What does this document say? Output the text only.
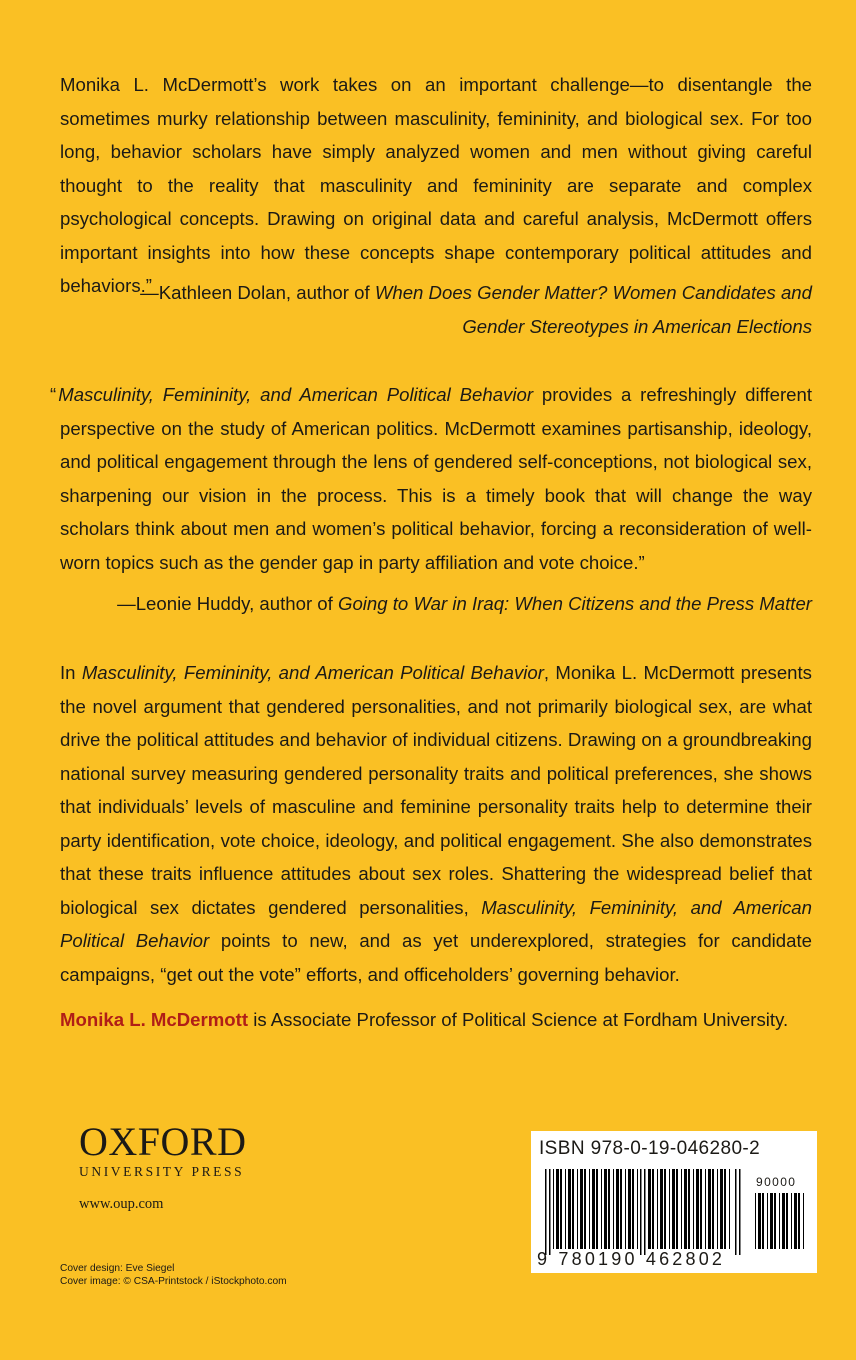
Monika L. McDermott’s work takes on an important challenge—to disentangle the sometimes murky relationship between masculinity, femininity, and biological sex. For too long, behavior scholars have simply analyzed women and men without giving careful thought to the reality that masculinity and femininity are separate and complex psychological concepts. Drawing on original data and careful analysis, McDermott offers important insights into how these concepts shape contemporary political attitudes and behaviors.”

—Kathleen Dolan, author of When Does Gender Matter? Women Candidates and
Gender Stereotypes in American Elections

“ Masculinity, Femininity, and American Political Behavior provides a refreshingly different perspective on the study of American politics. McDermott examines partisanship, ideology, and political engagement through the lens of gendered self-conceptions, not biological sex, sharpening our vision in the process. This is a timely book that will change the way scholars think about men and women’s political behavior, forcing a reconsideration of well-worn topics such as the gender gap in party affiliation and vote choice.”

—Leonie Huddy, author of Going to War in Iraq: When Citizens and the Press Matter

In Masculinity, Femininity, and American Political Behavior, Monika L. McDermott presents the novel argument that gendered personalities, and not primarily biological sex, are what drive the political attitudes and behavior of individual citizens. Drawing on a groundbreaking national survey measuring gendered personality traits and political preferences, she shows that individuals’ levels of masculine and feminine personality traits help to determine their party identification, vote choice, ideology, and political engagement. She also demonstrates that these traits influence attitudes about sex roles. Shattering the widespread belief that biological sex dictates gendered personalities, Masculinity, Femininity, and American Political Behavior points to new, and as yet underexplored, strategies for candidate campaigns, “get out the vote” efforts, and officeholders’ governing behavior.

Monika L. McDermott is Associate Professor of Political Science at Fordham University.

OXFORD
UNIVERSITY PRESS
www.oup.com
Cover design: Eve Siegel
Cover image: © CSA-Printstock / iStockphoto.com
ISBN 978-0-19-046280-2
9 780190 462802
90000
